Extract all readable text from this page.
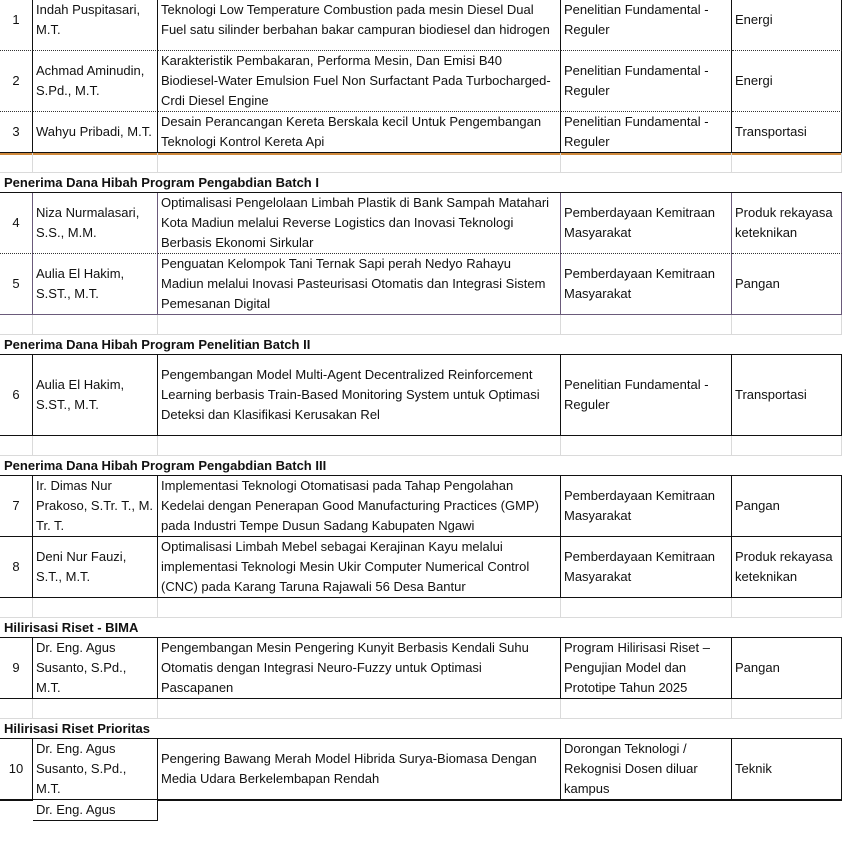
1
Indah Puspitasari, M.T.
Teknologi Low Temperature Combustion pada mesin Diesel Dual Fuel satu silinder berbahan bakar campuran biodiesel dan hidrogen
Penelitian Fundamental - Reguler
Energi
2
Achmad Aminudin, S.Pd., M.T.
Karakteristik Pembakaran, Performa Mesin, Dan Emisi B40 Biodiesel-Water Emulsion Fuel Non Surfactant Pada Turbocharged-Crdi Diesel Engine
Penelitian Fundamental - Reguler
Energi
3	Wahyu Pribadi, M.T.
Desain Perancangan Kereta Berskala kecil Untuk Pengembangan Teknologi Kontrol Kereta Api
Penelitian Fundamental - Reguler
Transportasi
Penerima Dana Hibah Program Pengabdian Batch I
4
Niza Nurmalasari, S.S., M.M.
Optimalisasi Pengelolaan Limbah Plastik di Bank Sampah Matahari Kota Madiun melalui Reverse Logistics dan Inovasi Teknologi Berbasis Ekonomi Sirkular
Pemberdayaan Kemitraan Masyarakat
Produk rekayasa keteknikan
5
Aulia El Hakim, S.ST., M.T.
Penguatan Kelompok Tani Ternak Sapi perah Nedyo Rahayu Madiun melalui Inovasi Pasteurisasi Otomatis dan Integrasi Sistem Pemesanan Digital
Pemberdayaan Kemitraan Masyarakat
Pangan
Penerima Dana Hibah Program Penelitian Batch II
6
Aulia El Hakim, S.ST., M.T.
Pengembangan Model Multi-Agent Decentralized Reinforcement Learning berbasis Train-Based Monitoring System untuk Optimasi Deteksi dan Klasifikasi Kerusakan Rel
Penelitian Fundamental - Reguler
Transportasi
Penerima Dana Hibah Program Pengabdian Batch III
7
Ir. Dimas Nur Prakoso, S.Tr. T., M. Tr. T.
Implementasi Teknologi Otomatisasi pada Tahap Pengolahan Kedelai dengan Penerapan Good Manufacturing Practices (GMP) pada Industri Tempe Dusun Sadang Kabupaten Ngawi
Pemberdayaan Kemitraan Masyarakat
Pangan
8
Deni Nur Fauzi, S.T., M.T.
Optimalisasi Limbah Mebel sebagai Kerajinan Kayu melalui implementasi Teknologi Mesin Ukir Computer Numerical Control (CNC) pada Karang Taruna Rajawali 56 Desa Bantur
Pemberdayaan Kemitraan Masyarakat
Produk rekayasa keteknikan
Hilirisasi Riset - BIMA
9
Dr. Eng. Agus Susanto, S.Pd., M.T.
Pengembangan Mesin Pengering Kunyit Berbasis Kendali Suhu Otomatis dengan Integrasi Neuro-Fuzzy untuk Optimasi Pascapanen
Program Hilirisasi Riset – Pengujian Model dan Prototipe Tahun 2025
Pangan
Hilirisasi Riset Prioritas
10
Dr. Eng. Agus Susanto, S.Pd., M.T.
Pengering Bawang Merah Model Hibrida Surya-Biomasa Dengan Media Udara Berkelembapan Rendah
Dorongan Teknologi / Rekognisi Dosen diluar kampus
Teknik
Dr. Eng. Agus
